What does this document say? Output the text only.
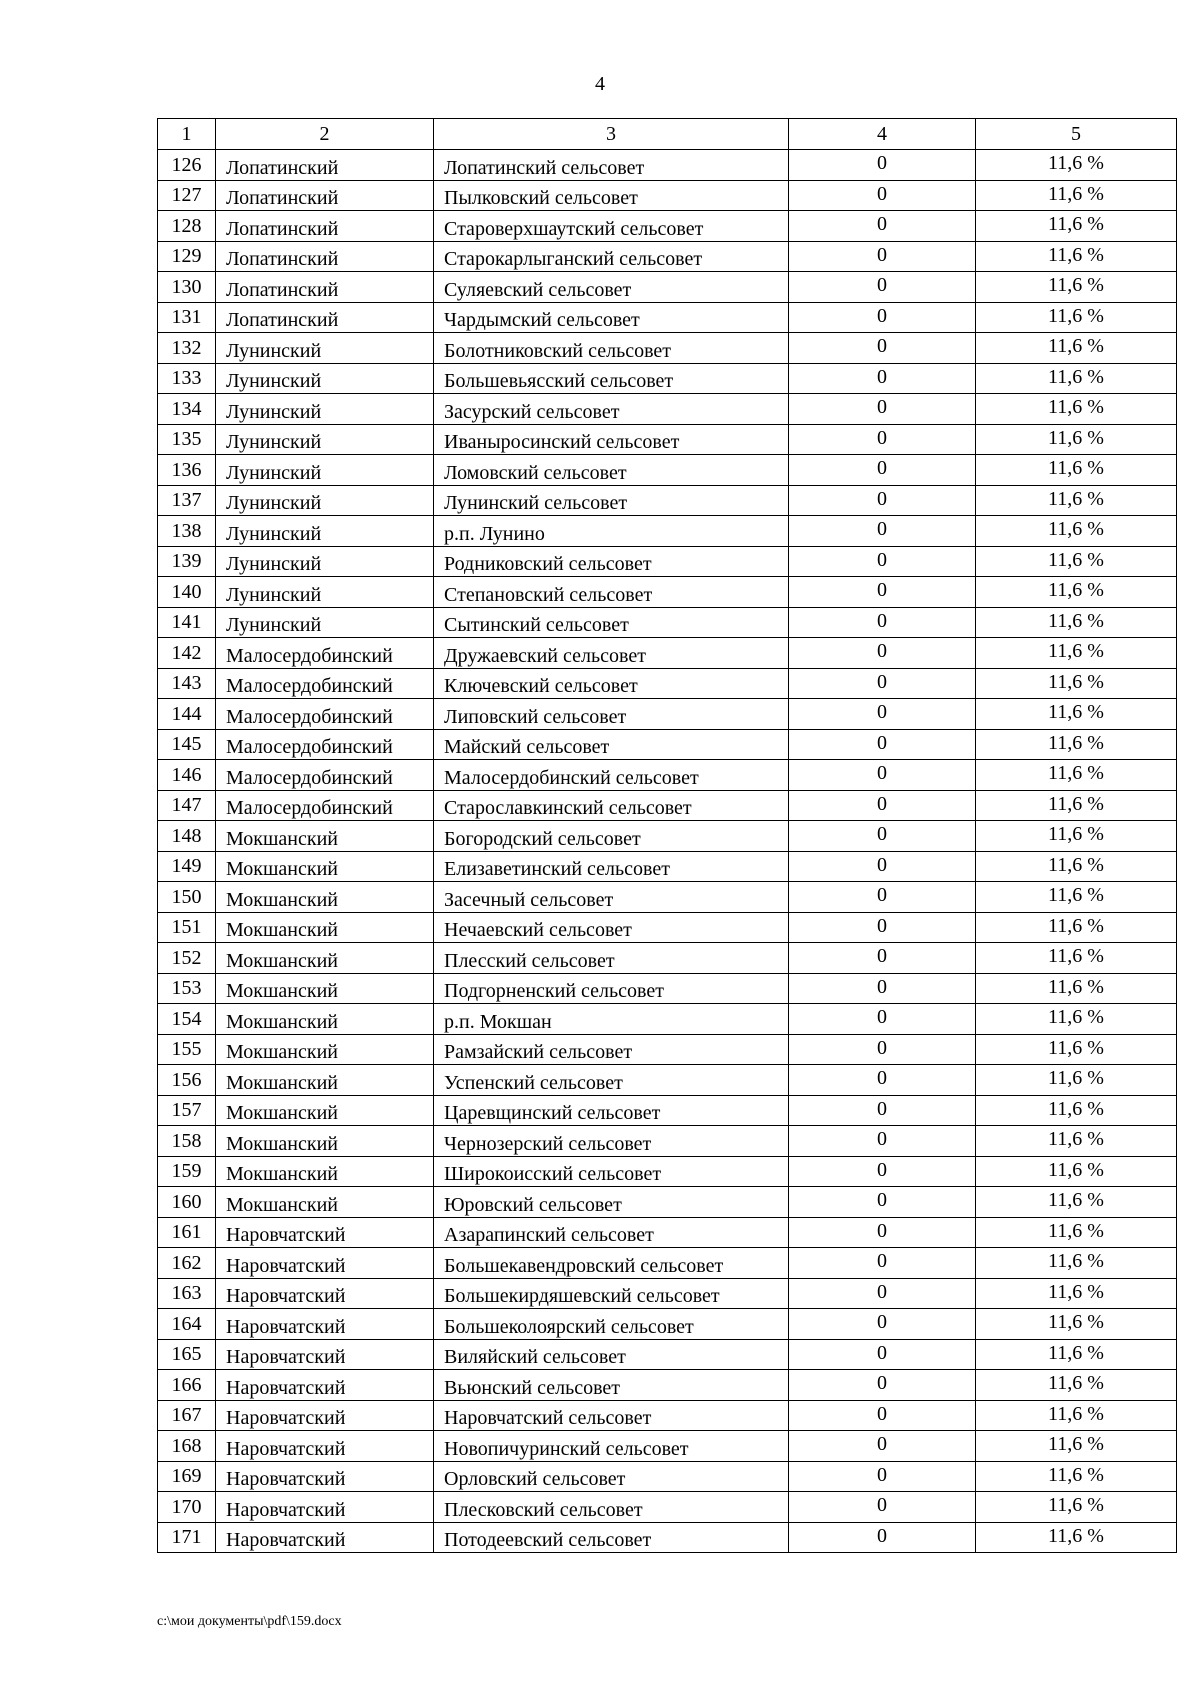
4
1	2	3	4	5
126	Лопатинский	Лопатинский сельсовет	0	11,6 %
127	Лопатинский	Пылковский сельсовет	0	11,6 %
128	Лопатинский	Староверхшаутский сельсовет	0	11,6 %
129	Лопатинский	Старокарлыганский сельсовет	0	11,6 %
130	Лопатинский	Суляевский сельсовет	0	11,6 %
131	Лопатинский	Чардымский сельсовет	0	11,6 %
132	Лунинский	Болотниковский сельсовет	0	11,6 %
133	Лунинский	Большевьясский сельсовет	0	11,6 %
134	Лунинский	Засурский сельсовет	0	11,6 %
135	Лунинский	Иваныросинский сельсовет	0	11,6 %
136	Лунинский	Ломовский сельсовет	0	11,6 %
137	Лунинский	Лунинский сельсовет	0	11,6 %
138	Лунинский	р.п. Лунино	0	11,6 %
139	Лунинский	Родниковский сельсовет	0	11,6 %
140	Лунинский	Степановский сельсовет	0	11,6 %
141	Лунинский	Сытинский сельсовет	0	11,6 %
142	Малосердобинский	Дружаевский сельсовет	0	11,6 %
143	Малосердобинский	Ключевский сельсовет	0	11,6 %
144	Малосердобинский	Липовский сельсовет	0	11,6 %
145	Малосердобинский	Майский сельсовет	0	11,6 %
146	Малосердобинский	Малосердобинский сельсовет	0	11,6 %
147	Малосердобинский	Старославкинский сельсовет	0	11,6 %
148	Мокшанский	Богородский сельсовет	0	11,6 %
149	Мокшанский	Елизаветинский сельсовет	0	11,6 %
150	Мокшанский	Засечный сельсовет	0	11,6 %
151	Мокшанский	Нечаевский сельсовет	0	11,6 %
152	Мокшанский	Плесский сельсовет	0	11,6 %
153	Мокшанский	Подгорненский сельсовет	0	11,6 %
154	Мокшанский	р.п. Мокшан	0	11,6 %
155	Мокшанский	Рамзайский сельсовет	0	11,6 %
156	Мокшанский	Успенский сельсовет	0	11,6 %
157	Мокшанский	Царевщинский сельсовет	0	11,6 %
158	Мокшанский	Чернозерский сельсовет	0	11,6 %
159	Мокшанский	Широкоисский сельсовет	0	11,6 %
160	Мокшанский	Юровский сельсовет	0	11,6 %
161	Наровчатский	Азарапинский сельсовет	0	11,6 %
162	Наровчатский	Большекавендровский сельсовет	0	11,6 %
163	Наровчатский	Большекирдяшевский сельсовет	0	11,6 %
164	Наровчатский	Большеколоярский сельсовет	0	11,6 %
165	Наровчатский	Виляйский сельсовет	0	11,6 %
166	Наровчатский	Вьюнский сельсовет	0	11,6 %
167	Наровчатский	Наровчатский сельсовет	0	11,6 %
168	Наровчатский	Новопичуринский сельсовет	0	11,6 %
169	Наровчатский	Орловский сельсовет	0	11,6 %
170	Наровчатский	Плесковский сельсовет	0	11,6 %
171	Наровчатский	Потодеевский сельсовет	0	11,6 %
c:\мои документы\pdf\159.docx
